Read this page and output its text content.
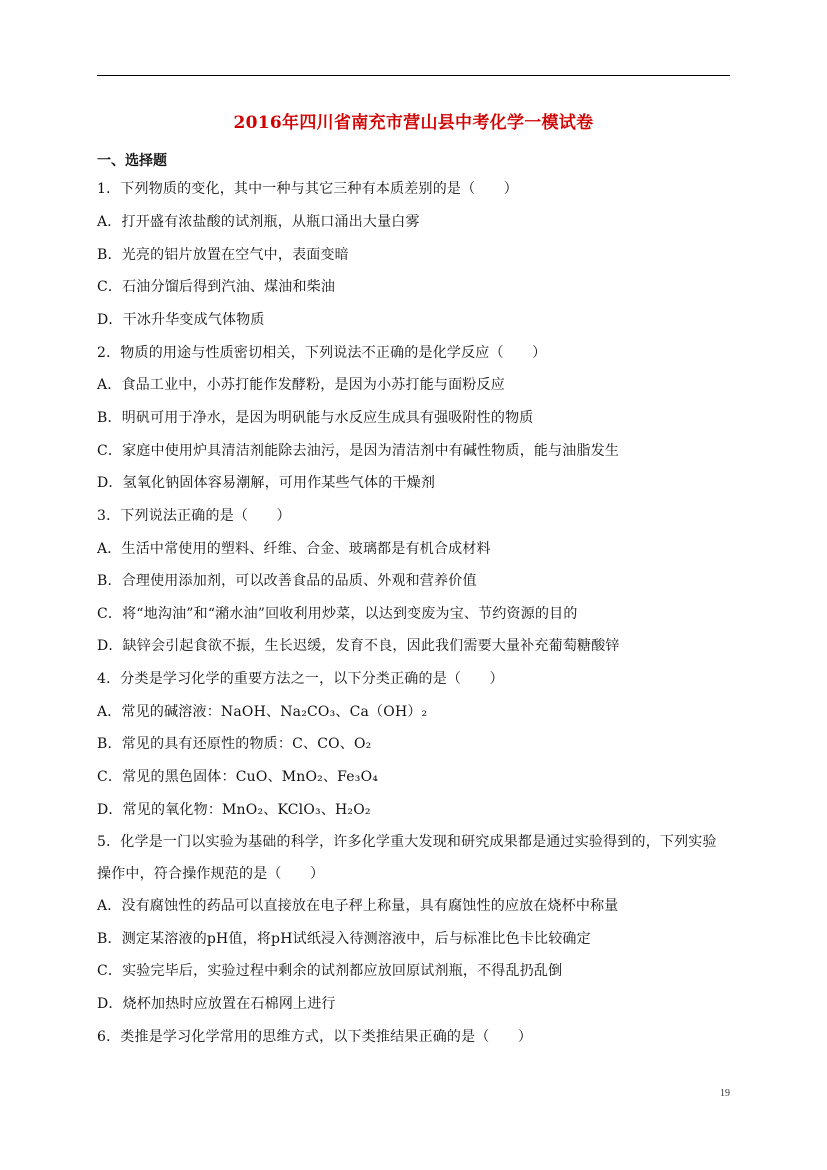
2016年四川省南充市营山县中考化学一模试卷
一、选择题
1．下列物质的变化，其中一种与其它三种有本质差别的是（　　）
A．打开盛有浓盐酸的试剂瓶，从瓶口涌出大量白雾
B．光亮的铝片放置在空气中，表面变暗
C．石油分馏后得到汽油、煤油和柴油
D．干冰升华变成气体物质
2．物质的用途与性质密切相关，下列说法不正确的是化学反应（　　）
A．食品工业中，小苏打能作发酵粉，是因为小苏打能与面粉反应
B．明矾可用于净水，是因为明矾能与水反应生成具有强吸附性的物质
C．家庭中使用炉具清洁剂能除去油污，是因为清洁剂中有碱性物质，能与油脂发生
D．氢氧化钠固体容易潮解，可用作某些气体的干燥剂
3．下列说法正确的是（　　）
A．生活中常使用的塑料、纤维、合金、玻璃都是有机合成材料
B．合理使用添加剂，可以改善食品的品质、外观和营养价值
C．将“地沟油”和“潲水油”回收利用炒菜，以达到变废为宝、节约资源的目的
D．缺锌会引起食欲不振，生长迟缓，发育不良，因此我们需要大量补充葡萄糖酸锌
4．分类是学习化学的重要方法之一，以下分类正确的是（　　）
A．常见的碱溶液：NaOH、Na₂CO₃、Ca（OH）₂
B．常见的具有还原性的物质：C、CO、O₂
C．常见的黑色固体：CuO、MnO₂、Fe₃O₄
D．常见的氧化物：MnO₂、KClO₃、H₂O₂
5．化学是一门以实验为基础的科学，许多化学重大发现和研究成果都是通过实验得到的，下列实验
操作中，符合操作规范的是（　　）
A．没有腐蚀性的药品可以直接放在电子秤上称量，具有腐蚀性的应放在烧杯中称量
B．测定某溶液的pH值，将pH试纸浸入待测溶液中，后与标准比色卡比较确定
C．实验完毕后，实验过程中剩余的试剂都应放回原试剂瓶，不得乱扔乱倒
D．烧杯加热时应放置在石棉网上进行
6．类推是学习化学常用的思维方式，以下类推结果正确的是（　　）
19
